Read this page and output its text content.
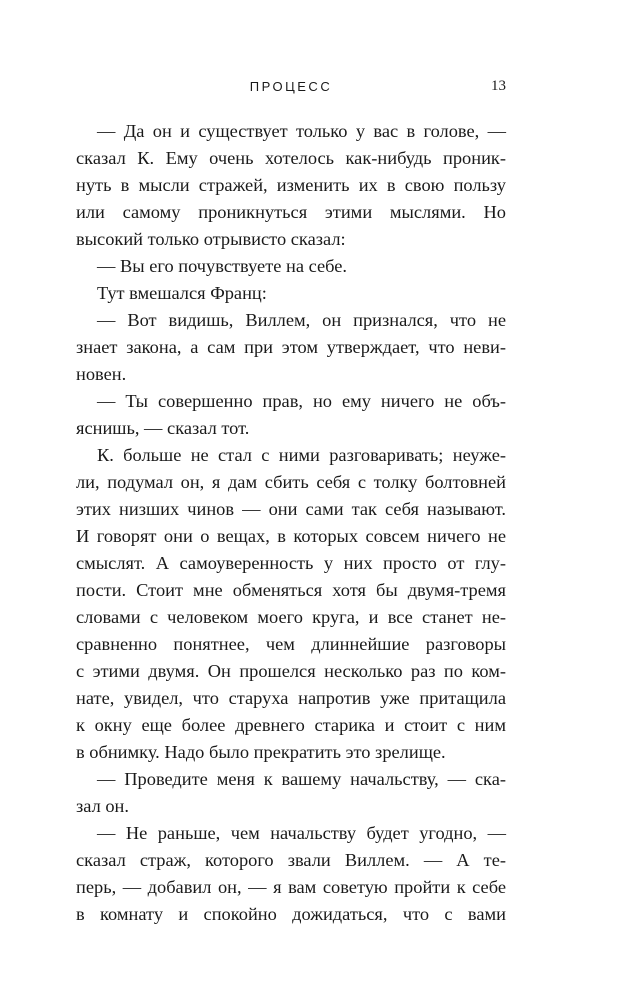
ПРОЦЕСС	13

— Да он и существует только у вас в голове, —
сказал К. Ему очень хотелось как-нибудь проник-
нуть в мысли стражей, изменить их в свою пользу
или самому проникнуться этими мыслями. Но
высокий только отрывисто сказал:

— Вы его почувствуете на себе.

Тут вмешался Франц:

— Вот видишь, Виллем, он признался, что не
знает закона, а сам при этом утверждает, что неви-
новен.

— Ты совершенно прав, но ему ничего не объ-
яснишь, — сказал тот.

К. больше не стал с ними разговаривать; неуже-
ли, подумал он, я дам сбить себя с толку болтовней
этих низших чинов — они сами так себя называют.
И говорят они о вещах, в которых совсем ничего не
смыслят. А самоуверенность у них просто от глу-
пости. Стоит мне обменяться хотя бы двумя-тремя
словами с человеком моего круга, и все станет не-
сравненно понятнее, чем длиннейшие разговоры
с этими двумя. Он прошелся несколько раз по ком-
нате, увидел, что старуха напротив уже притащила
к окну еще более древнего старика и стоит с ним
в обнимку. Надо было прекратить это зрелище.

— Проведите меня к вашему начальству, — ска-
зал он.

— Не раньше, чем начальству будет угодно, —
сказал страж, которого звали Виллем. — А те-
перь, — добавил он, — я вам советую пройти к себе
в комнату и спокойно дожидаться, что с вами
